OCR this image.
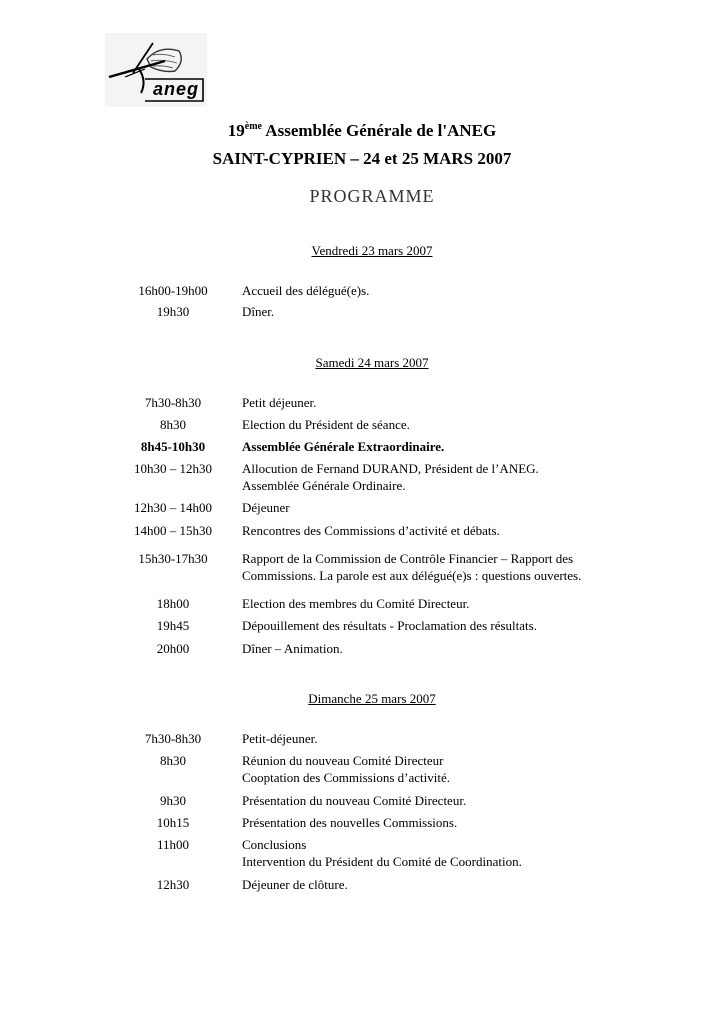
aneg
19ème Assemblée Générale de l'ANEG
SAINT-CYPRIEN – 24 et 25 MARS 2007
PROGRAMME
Vendredi 23 mars 2007
16h00-19h00	Accueil des délégué(e)s.
19h30	Dîner.
Samedi 24 mars 2007
7h30-8h30	Petit déjeuner.
8h30	Election du Président de séance.
8h45-10h30	Assemblée Générale Extraordinaire.
10h30 – 12h30	Allocution de Fernand DURAND, Président de l’ANEG.
Assemblée Générale Ordinaire.
12h30 – 14h00	Déjeuner
14h00 – 15h30	Rencontres des Commissions d’activité et débats.
15h30-17h30	Rapport de la Commission de Contrôle Financier – Rapport des
Commissions. La parole est aux délégué(e)s : questions ouvertes.
18h00	Election des membres du Comité Directeur.
19h45	Dépouillement des résultats - Proclamation des résultats.
20h00	Dîner – Animation.
Dimanche 25 mars 2007
7h30-8h30	Petit-déjeuner.
8h30	Réunion du nouveau Comité Directeur
Cooptation des Commissions d’activité.
9h30	Présentation du nouveau Comité Directeur.
10h15	Présentation des nouvelles Commissions.
11h00	Conclusions
Intervention du Président du Comité de Coordination.
12h30	Déjeuner de clôture.
